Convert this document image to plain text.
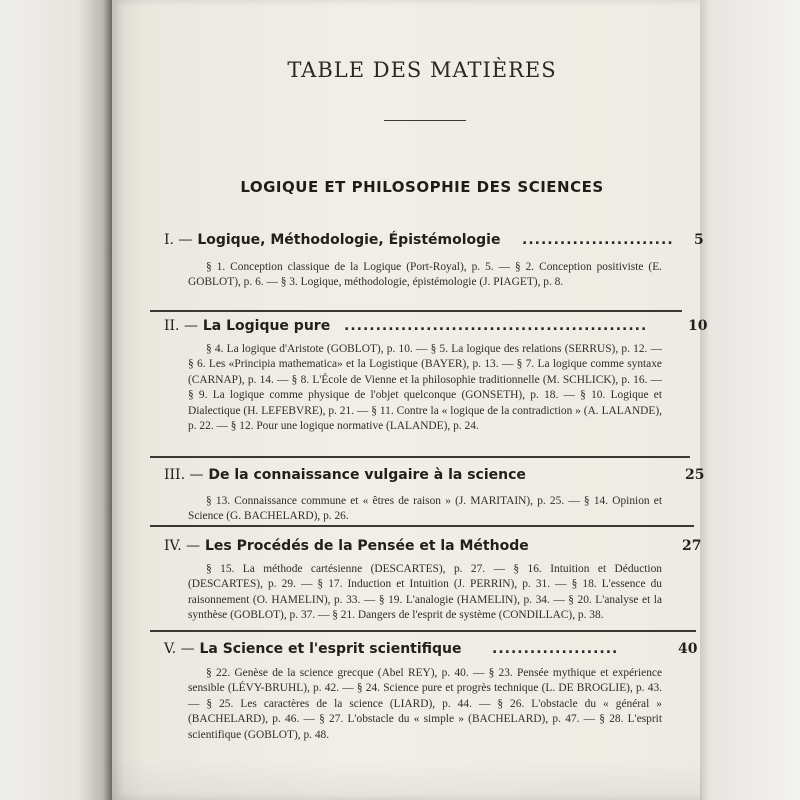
TABLE DES MATIÈRES
LOGIQUE ET PHILOSOPHIE DES SCIENCES
I. — Logique, Méthodologie, Épistémologie ........................ 5
§ 1. Conception classique de la Logique (Port-Royal), p. 5. — § 2. Conception positiviste (E. GOBLOT), p. 6. — § 3. Logique, méthodologie, épistémologie (J. PIAGET), p. 8.
II. — La Logique pure ................................................	10
§ 4. La logique d'Aristote (GOBLOT), p. 10. — § 5. La logique des relations (SERRUS), p. 12. — § 6. Les «Principia mathematica» et la Logistique (BAYER), p. 13. — § 7. La logique comme syntaxe (CARNAP), p. 14. — § 8. L'École de Vienne et la philosophie traditionnelle (M. SCHLICK), p. 16. — § 9. La logique comme physique de l'objet quelconque (GONSETH), p. 18. — § 10. Logique et Dialectique (H. LEFEBVRE), p. 21. — § 11. Contre la « logique de la contradiction » (A. LALANDE), p. 22. — § 12. Pour une logique normative (LALANDE), p. 24.
III. — De la connaissance vulgaire à la science	25
§ 13. Connaissance commune et « êtres de raison » (J. MARITAIN), p. 25. — § 14. Opinion et Science (G. BACHELARD), p. 26.
IV. — Les Procédés de la Pensée et la Méthode	27
§ 15. La méthode cartésienne (DESCARTES), p. 27. — § 16. Intuition et Déduction (DESCARTES), p. 29. — § 17. Induction et Intuition (J. PERRIN), p. 31. — § 18. L'essence du raisonnement (O. HAMELIN), p. 33. — § 19. L'analogie (HAMELIN), p. 34. — § 20. L'analyse et la synthèse (GOBLOT), p. 37. — § 21. Dangers de l'esprit de système (CONDILLAC), p. 38.
V. — La Science et l'esprit scientifique ....................	40
§ 22. Genèse de la science grecque (Abel REY), p. 40. — § 23. Pensée mythique et expérience sensible (LÉVY-BRUHL), p. 42. — § 24. Science pure et progrès technique (L. DE BROGLIE), p. 43. — § 25. Les caractères de la science (LIARD), p. 44. — § 26. L'obstacle du « général » (BACHELARD), p. 46. — § 27. L'obstacle du « simple » (BACHELARD), p. 47. — § 28. L'esprit scientifique (GOBLOT), p. 48.
